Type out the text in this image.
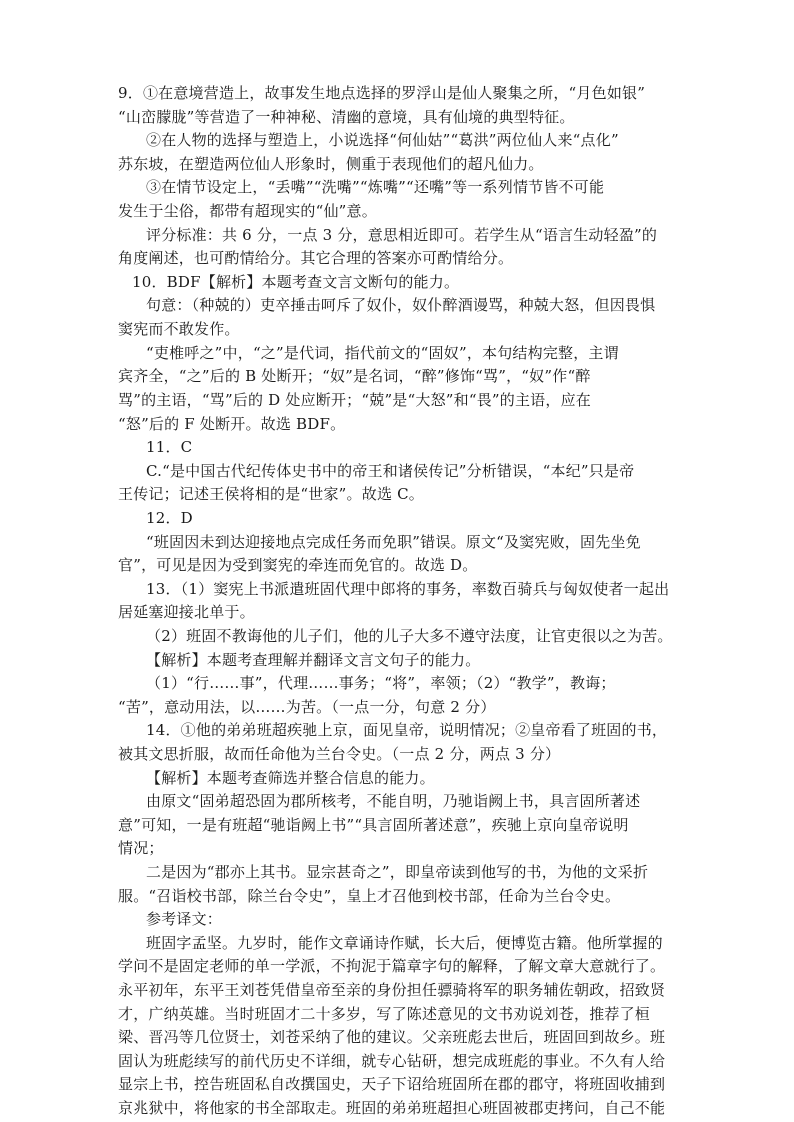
9．①在意境营造上，故事发生地点选择的罗浮山是仙人聚集之所，“月色如银”
“山峦朦胧”等营造了一种神秘、清幽的意境，具有仙境的典型特征。
②在人物的选择与塑造上，小说选择“何仙姑”“葛洪”两位仙人来“点化”
苏东坡，在塑造两位仙人形象时，侧重于表现他们的超凡仙力。
③在情节设定上，“丢嘴”“洗嘴”“炼嘴”“还嘴”等一系列情节皆不可能
发生于尘俗，都带有超现实的“仙”意。
评分标准：共 6 分，一点 3 分，意思相近即可。若学生从“语言生动轻盈”的
角度阐述，也可酌情给分。其它合理的答案亦可酌情给分。
10．BDF【解析】本题考查文言文断句的能力。
句意：（种兢的）吏卒捶击呵斥了奴仆，奴仆醉酒谩骂，种兢大怒，但因畏惧
窦宪而不敢发作。
“吏椎呼之”中，“之”是代词，指代前文的“固奴”，本句结构完整，主谓
宾齐全，“之”后的 B 处断开；“奴”是名词，“醉”修饰“骂”，“奴”作“醉
骂”的主语，“骂”后的 D 处应断开；“兢”是“大怒”和“畏”的主语，应在
“怒”后的 F 处断开。故选 BDF。
11．C
C.“是中国古代纪传体史书中的帝王和诸侯传记”分析错误，“本纪”只是帝
王传记；记述王侯将相的是“世家”。故选 C。
12．D
“班固因未到达迎接地点完成任务而免职”错误。原文“及窦宪败，固先坐免
官”，可见是因为受到窦宪的牵连而免官的。故选 D。
13．（1）窦宪上书派遣班固代理中郎将的事务，率数百骑兵与匈奴使者一起出
居延塞迎接北单于。
（2）班固不教诲他的儿子们，他的儿子大多不遵守法度，让官吏很以之为苦。
【解析】本题考查理解并翻译文言文句子的能力。
（1）“行……事”，代理……事务；“将”，率领；（2）“教学”，教诲；
“苦”，意动用法，以……为苦。（一点一分，句意 2 分）
14．①他的弟弟班超疾驰上京，面见皇帝，说明情况；②皇帝看了班固的书，
被其文思折服，故而任命他为兰台令史。（一点 2 分，两点 3 分）
【解析】本题考查筛选并整合信息的能力。
由原文“固弟超恐固为郡所核考，不能自明，乃驰诣阙上书，具言固所著述
意”可知，一是有班超“驰诣阙上书”“具言固所著述意”，疾驰上京向皇帝说明
情况；
二是因为“郡亦上其书。显宗甚奇之”，即皇帝读到他写的书，为他的文采折
服。“召诣校书部，除兰台令史”，皇上才召他到校书部，任命为兰台令史。
参考译文：
班固字孟坚。九岁时，能作文章诵诗作赋，长大后，便博览古籍。他所掌握的
学问不是固定老师的单一学派，不拘泥于篇章字句的解释，了解文章大意就行了。
永平初年，东平王刘苍凭借皇帝至亲的身份担任骠骑将军的职务辅佐朝政，招致贤
才，广纳英雄。当时班固才二十多岁，写了陈述意见的文书劝说刘苍，推荐了桓
梁、晋冯等几位贤士，刘苍采纳了他的建议。父亲班彪去世后，班固回到故乡。班
固认为班彪续写的前代历史不详细，就专心钻研，想完成班彪的事业。不久有人给
显宗上书，控告班固私自改撰国史，天子下诏给班固所在郡的郡守，将班固收捕到
京兆狱中，将他家的书全部取走。班固的弟弟班超担心班固被郡吏拷问，自己不能
